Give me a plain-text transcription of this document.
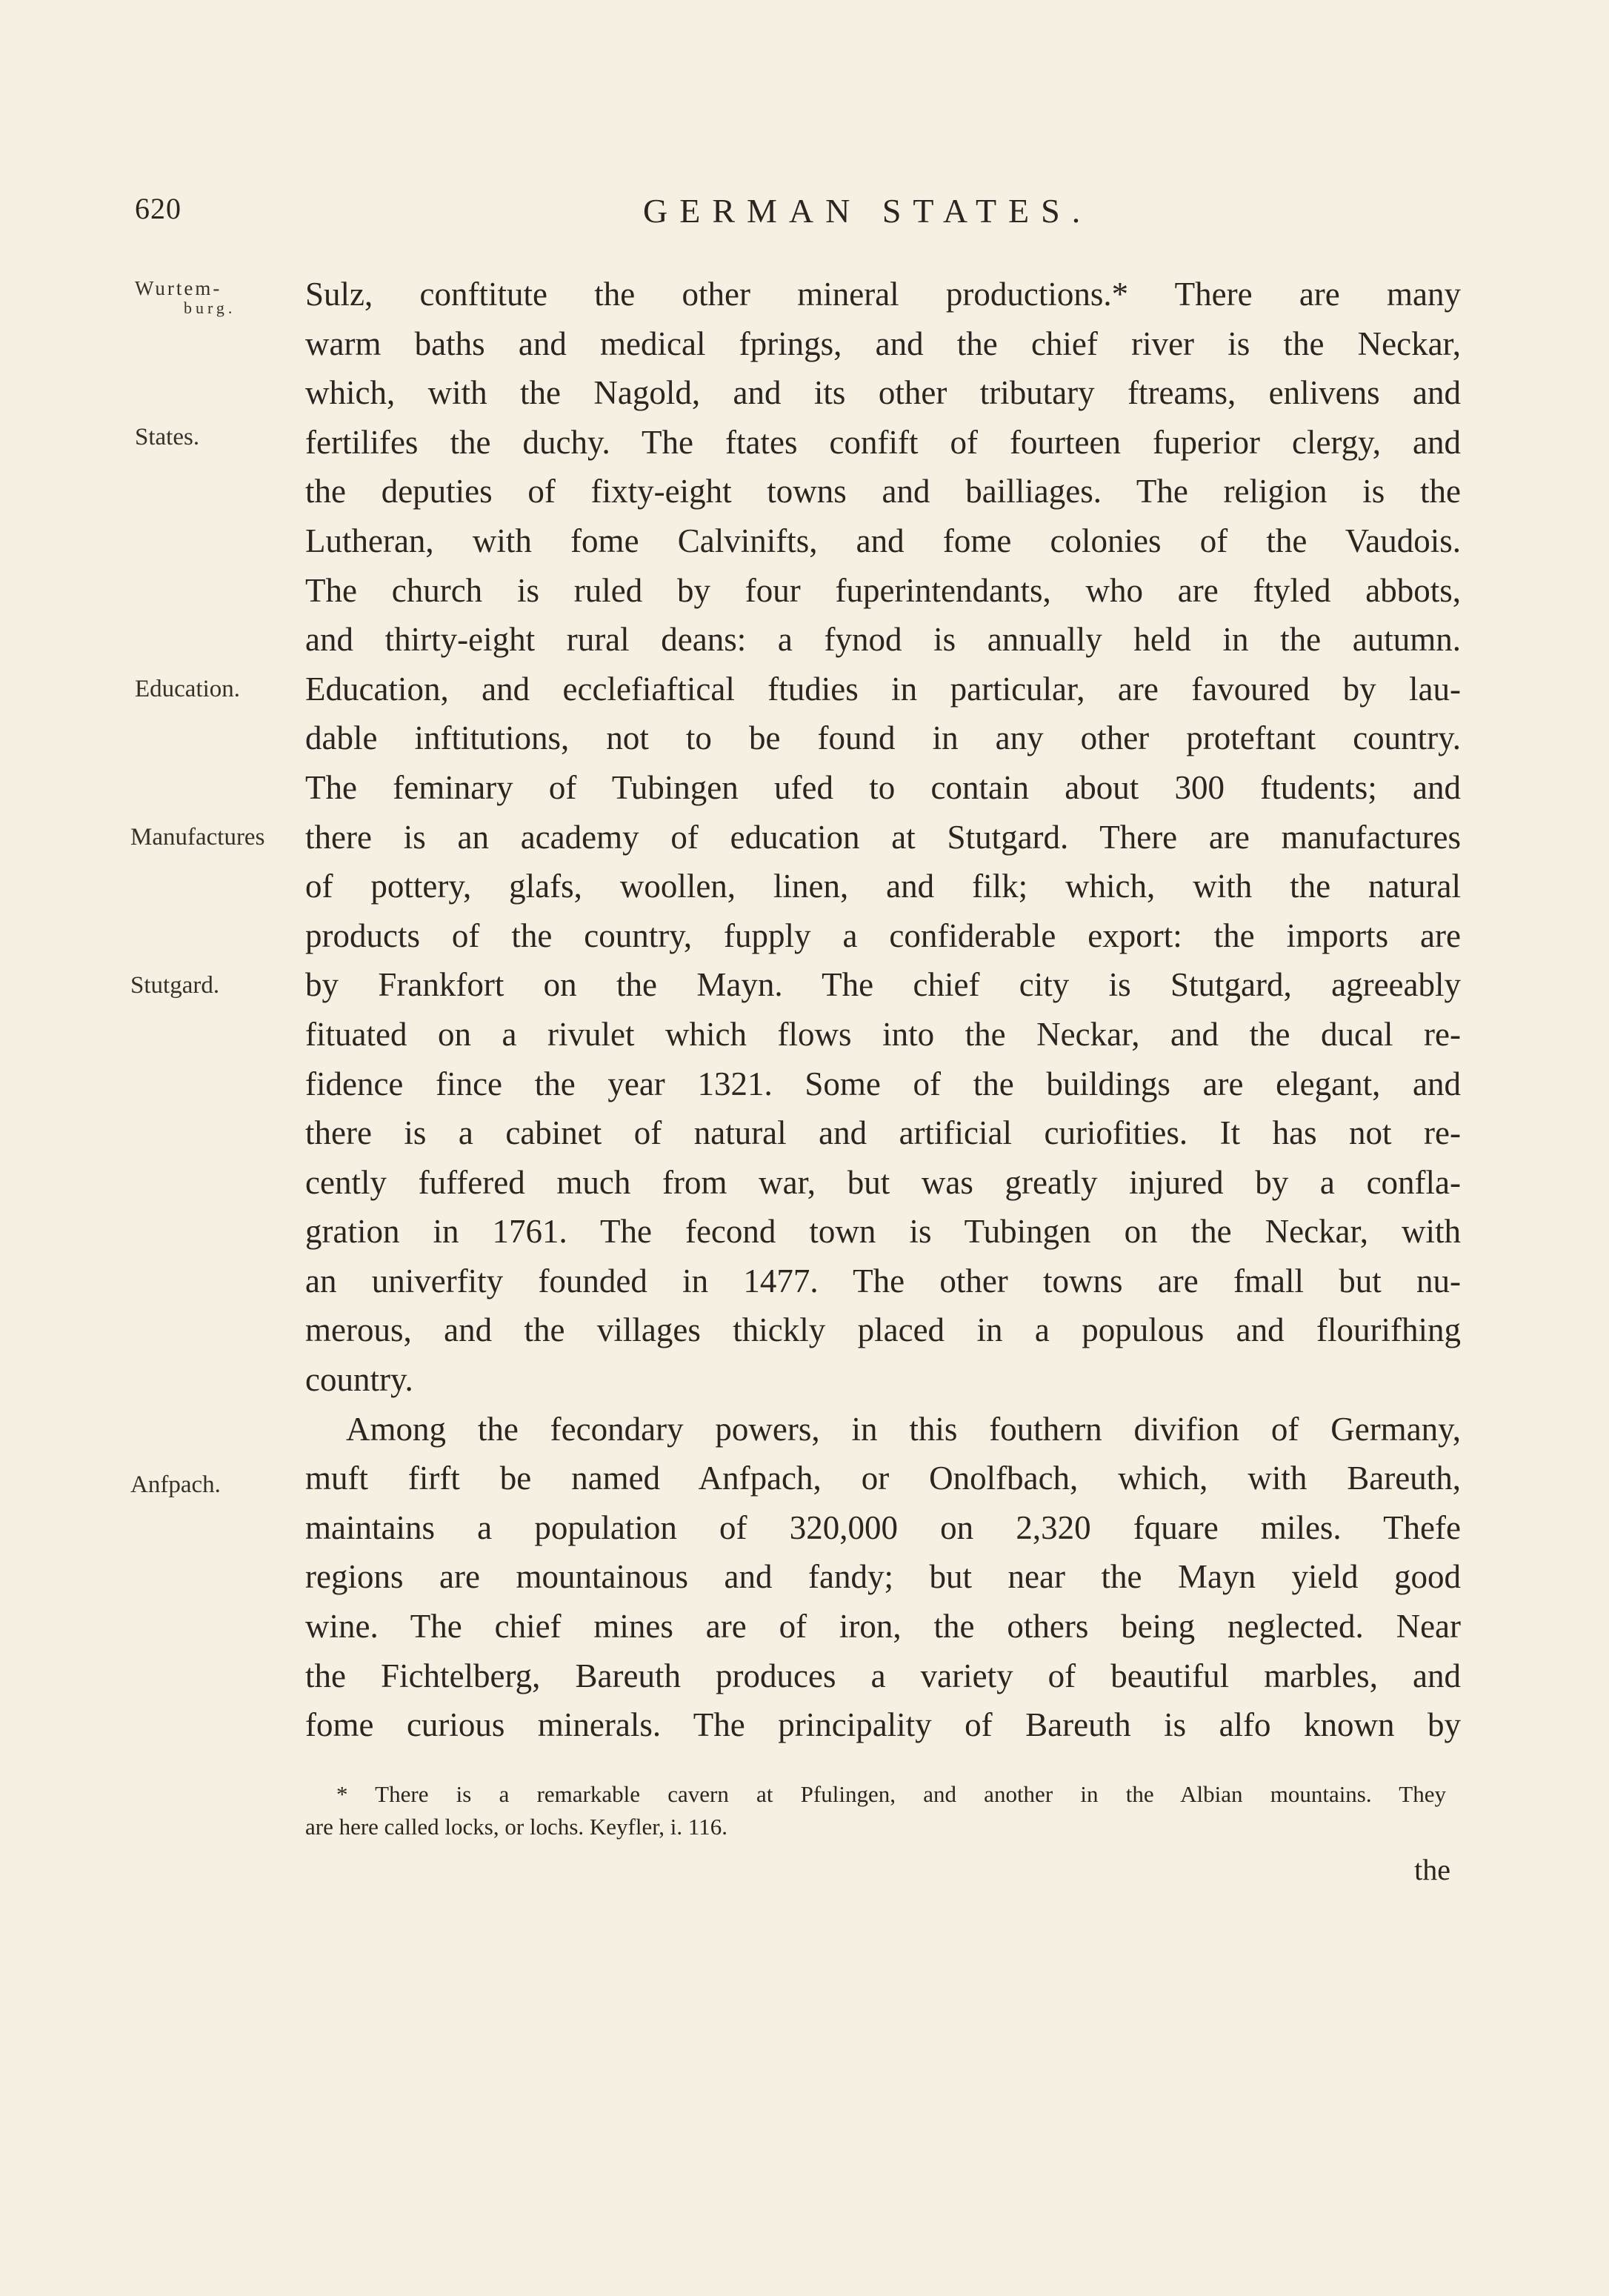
620	GERMAN STATES.
Wurtem-
burg.
States.
Education.
Manufactures
Stutgard.
Anfpach.
Sulz, conftitute the other mineral productions.* There are many
warm baths and medical fprings, and the chief river is the Neckar,
which, with the Nagold, and its other tributary ftreams, enlivens and
fertilifes the duchy. The ftates confift of fourteen fuperior clergy, and
the deputies of fixty-eight towns and bailliages. The religion is the
Lutheran, with fome Calvinifts, and fome colonies of the Vaudois.
The church is ruled by four fuperintendants, who are ftyled abbots,
and thirty-eight rural deans: a fynod is annually held in the autumn.
Education, and ecclefiaftical ftudies in particular, are favoured by lau-
dable inftitutions, not to be found in any other proteftant country.
The feminary of Tubingen ufed to contain about 300 ftudents; and
there is an academy of education at Stutgard. There are manufactures
of pottery, glafs, woollen, linen, and filk; which, with the natural
products of the country, fupply a confiderable export: the imports are
by Frankfort on the Mayn. The chief city is Stutgard, agreeably
fituated on a rivulet which flows into the Neckar, and the ducal re-
fidence fince the year 1321. Some of the buildings are elegant, and
there is a cabinet of natural and artificial curiofities. It has not re-
cently fuffered much from war, but was greatly injured by a confla-
gration in 1761. The fecond town is Tubingen on the Neckar, with
an univerfity founded in 1477. The other towns are fmall but nu-
merous, and the villages thickly placed in a populous and flourifhing
country.
Among the fecondary powers, in this fouthern divifion of Germany,
muft firft be named Anfpach, or Onolfbach, which, with Bareuth,
maintains a population of 320,000 on 2,320 fquare miles. Thefe
regions are mountainous and fandy; but near the Mayn yield good
wine. The chief mines are of iron, the others being neglected. Near
the Fichtelberg, Bareuth produces a variety of beautiful marbles, and
fome curious minerals. The principality of Bareuth is alfo known by
* There is a remarkable cavern at Pfulingen, and another in the Albian mountains. They
are here called locks, or lochs. Keyfler, i. 116.
the
